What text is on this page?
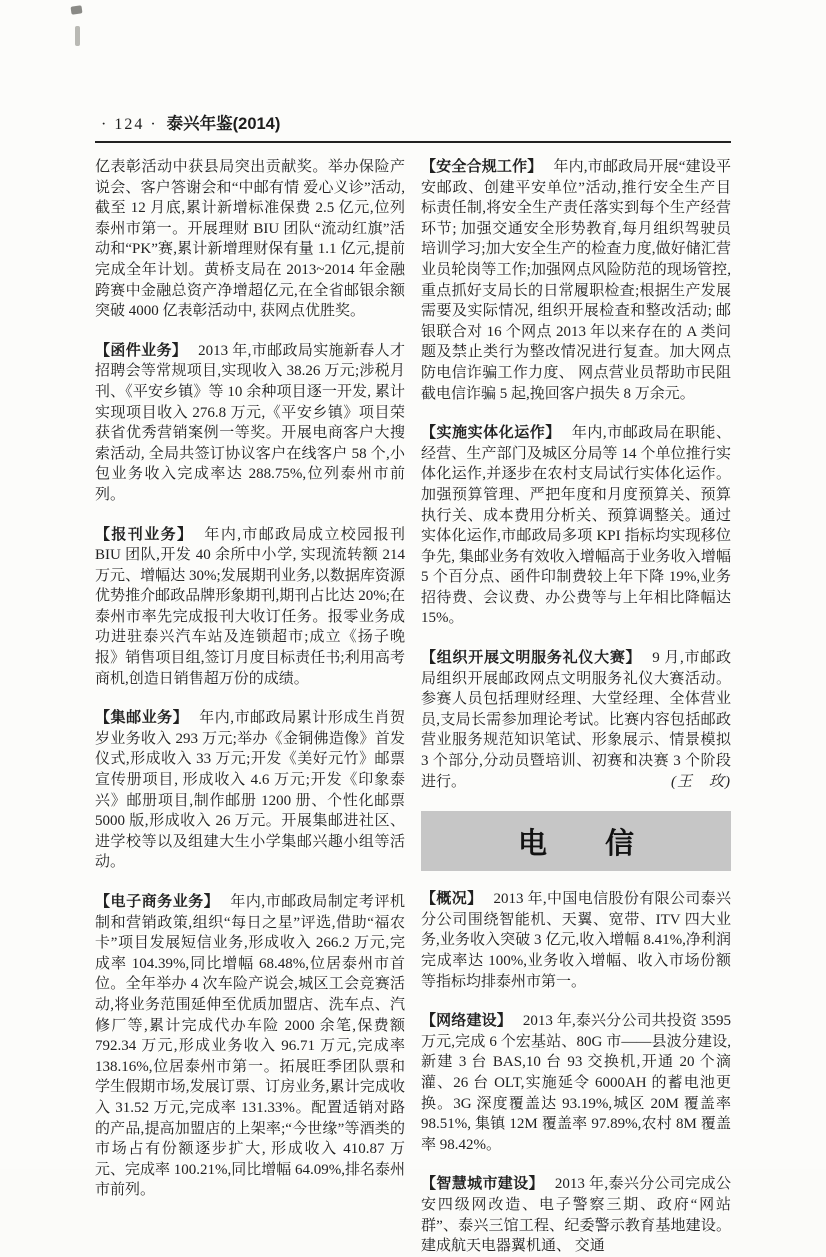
· 124 · 泰兴年鉴(2014)

亿表彰活动中获县局突出贡献奖。举办保险产说会、客户答谢会和“中邮有情 爱心义诊”活动,截至 12 月底,累计新增标准保费 2.5 亿元,位列泰州市第一。开展理财 BIU 团队“流动红旗”活动和“PK”赛,累计新增理财保有量 1.1 亿元,提前完成全年计划。黄桥支局在 2013~2014 年金融跨赛中金融总资产净增超亿元,在全省邮银余额突破 4000 亿表彰活动中, 获网点优胜奖。

【函件业务】 2013 年,市邮政局实施新春人才招聘会等常规项目,实现收入 38.26 万元;涉税月刊、《平安乡镇》等 10 余种项目逐一开发, 累计实现项目收入 276.8 万元,《平安乡镇》项目荣获省优秀营销案例一等奖。开展电商客户大搜索活动, 全局共签订协议客户在线客户 58 个,小包业务收入完成率达 288.75%,位列泰州市前列。

【报刊业务】 年内,市邮政局成立校园报刊 BIU 团队,开发 40 余所中小学, 实现流转额 214 万元、增幅达 30%;发展期刊业务,以数据库资源优势推介邮政品牌形象期刊,期刊占比达 20%;在泰州市率先完成报刊大收订任务。报零业务成功进驻泰兴汽车站及连锁超市;成立《扬子晚报》销售项目组,签订月度目标责任书;利用高考商机,创造日销售超万份的成绩。

【集邮业务】 年内,市邮政局累计形成生肖贺岁业务收入 293 万元;举办《金铜佛造像》首发仪式,形成收入 33 万元;开发《美好元竹》邮票宣传册项目, 形成收入 4.6 万元;开发《印象泰兴》邮册项目,制作邮册 1200 册、个性化邮票 5000 版,形成收入 26 万元。开展集邮进社区、进学校等以及组建大生小学集邮兴趣小组等活动。

【电子商务业务】 年内,市邮政局制定考评机制和营销政策,组织“每日之星”评选,借助“福农卡”项目发展短信业务,形成收入 266.2 万元,完成率 104.39%,同比增幅 68.48%,位居泰州市首位。全年举办 4 次车险产说会,城区工会竞赛活动,将业务范围延伸至优质加盟店、洗车点、汽修厂等,累计完成代办车险 2000 余笔,保费额 792.34 万元,形成业务收入 96.71 万元,完成率 138.16%,位居泰州市第一。拓展旺季团队票和学生假期市场,发展订票、订房业务,累计完成收入 31.52 万元,完成率 131.33%。配置适销对路的产品,提高加盟店的上架率;“今世缘”等酒类的市场占有份额逐步扩大, 形成收入 410.87 万元、完成率 100.21%,同比增幅 64.09%,排名泰州市前列。

【安全合规工作】 年内,市邮政局开展“建设平安邮政、创建平安单位”活动,推行安全生产目标责任制,将安全生产责任落实到每个生产经营环节; 加强交通安全形势教育,每月组织驾驶员培训学习;加大安全生产的检查力度,做好储汇营业员轮岗等工作;加强网点风险防范的现场管控,重点抓好支局长的日常履职检查;根据生产发展需要及实际情况, 组织开展检查和整改活动; 邮银联合对 16 个网点 2013 年以来存在的 A 类问题及禁止类行为整改情况进行复查。加大网点防电信诈骗工作力度、 网点营业员帮助市民阻截电信诈骗 5 起,挽回客户损失 8 万余元。

【实施实体化运作】 年内,市邮政局在职能、经营、生产部门及城区分局等 14 个单位推行实体化运作,并逐步在农村支局试行实体化运作。加强预算管理、严把年度和月度预算关、预算执行关、成本费用分析关、预算调整关。通过实体化运作,市邮政局多项 KPI 指标均实现移位争先, 集邮业务有效收入增幅高于业务收入增幅 5 个百分点、函件印制费较上年下降 19%,业务招待费、会议费、办公费等与上年相比降幅达 15%。

【组织开展文明服务礼仪大赛】 9 月,市邮政局组织开展邮政网点文明服务礼仪大赛活动。参赛人员包括理财经理、大堂经理、全体营业员,支局长需参加理论考试。比赛内容包括邮政营业服务规范知识笔试、形象展示、情景模拟 3 个部分,分动员暨培训、初赛和决赛 3 个阶段进行。	(王　玫)

电　　信

【概况】 2013 年,中国电信股份有限公司泰兴分公司围绕智能机、天翼、宽带、ITV 四大业务,业务收入突破 3 亿元,收入增幅 8.41%,净利润完成率达 100%,业务收入增幅、收入市场份额等指标均排泰州市第一。

【网络建设】 2013 年,泰兴分公司共投资 3595 万元,完成 6 个宏基站、80G 市——县波分建设, 新建 3 台 BAS,10 台 93 交换机,开通 20 个滴灌、26 台 OLT,实施延令 6000AH 的蓄电池更换。3G 深度覆盖达 93.19%,城区 20M 覆盖率 98.51%, 集镇 12M 覆盖率 97.89%,农村 8M 覆盖率 98.42%。

【智慧城市建设】 2013 年,泰兴分公司完成公安四级网改造、电子警察三期、政府“网站群”、泰兴三馆工程、纪委警示教育基地建设。建成航天电器翼机通、 交通
